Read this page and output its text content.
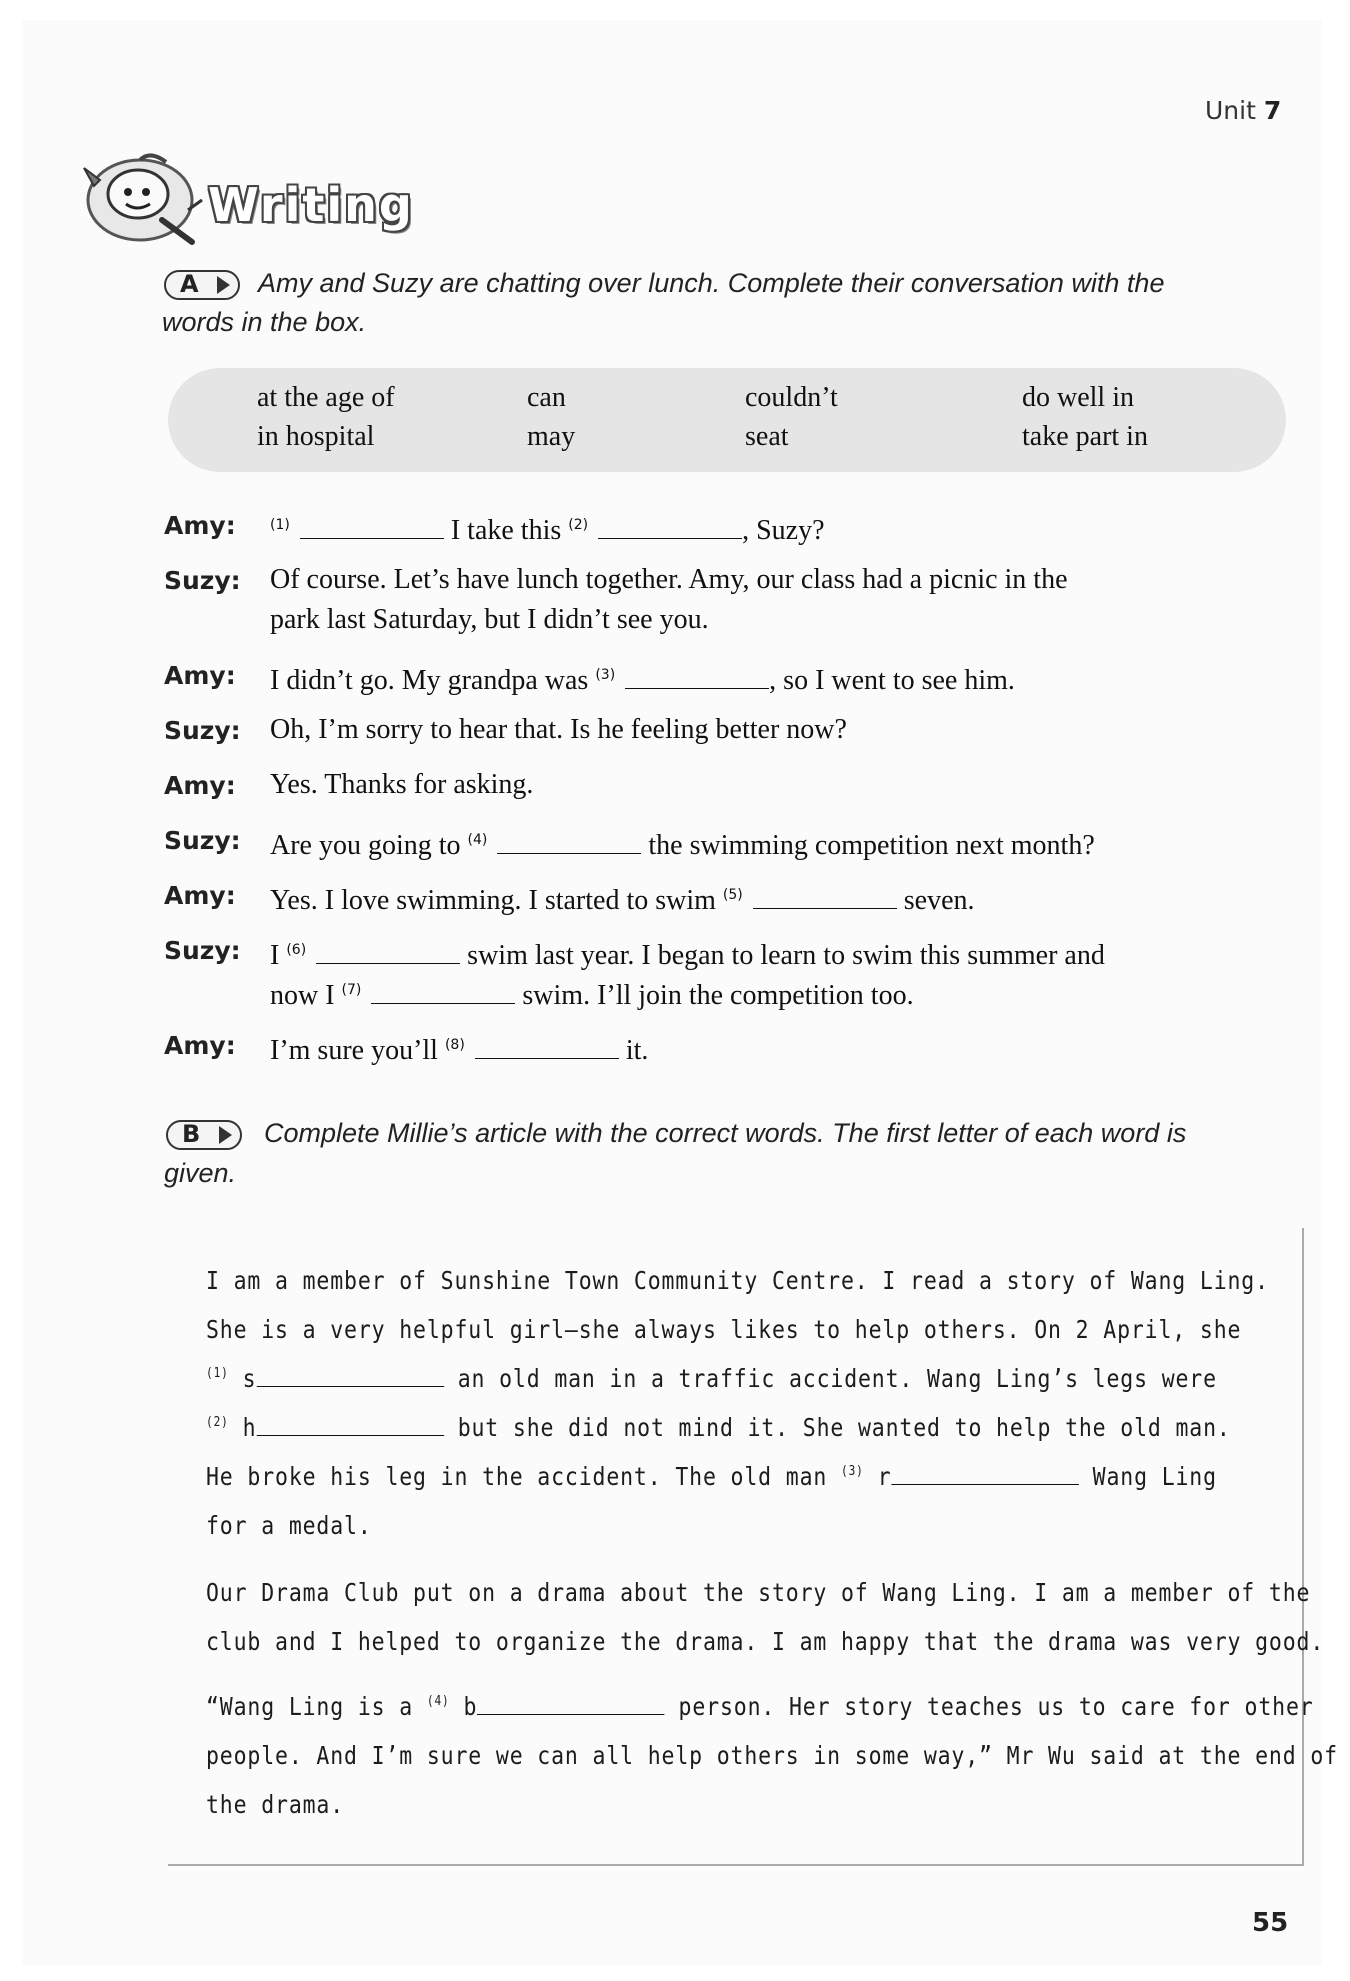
Unit 7
Writing
A Amy and Suzy are chatting over lunch. Complete their conversation with the
words in the box.
at the age of	can	couldn’t	do well in
in hospital	may	seat	take part in
Amy: $^{(1)}$	I take this $^{(2)}$	, Suzy?
Suzy: Of course. Let’s have lunch together. Amy, our class had a picnic in the
park last Saturday, but I didn’t see you.
Amy: I didn’t go. My grandpa was $^{(3)}$	, so I went to see him.
Suzy: Oh, I’m sorry to hear that. Is he feeling better now?
Amy: Yes. Thanks for asking.
Suzy: Are you going to $^{(4)}$	the swimming competition next month?
Amy: Yes. I love swimming. I started to swim $^{(5)}$	seven.
Suzy: I $^{(6)}$	swim last year. I began to learn to swim this summer and
now I $^{(7)}$	swim. I’ll join the competition too.
Amy: I’m sure you’ll $^{(8)}$	it.
B Complete Millie’s article with the correct words. The first letter of each word is
given.
I am a member of Sunshine Town Community Centre. I read a story of Wang Ling.
She is a very helpful girl—she always likes to help others. On 2 April, she
$^{(1)}$ s	an old man in a traffic accident. Wang Ling’s legs were
$^{(2)}$ h	but she did not mind it. She wanted to help the old man.
He broke his leg in the accident. The old man $^{(3)}$ r	Wang Ling
for a medal.
Our Drama Club put on a drama about the story of Wang Ling. I am a member of the
club and I helped to organize the drama. I am happy that the drama was very good.
“Wang Ling is a $^{(4)}$ b	person. Her story teaches us to care for other
people. And I’m sure we can all help others in some way,” Mr Wu said at the end of
the drama.
55
